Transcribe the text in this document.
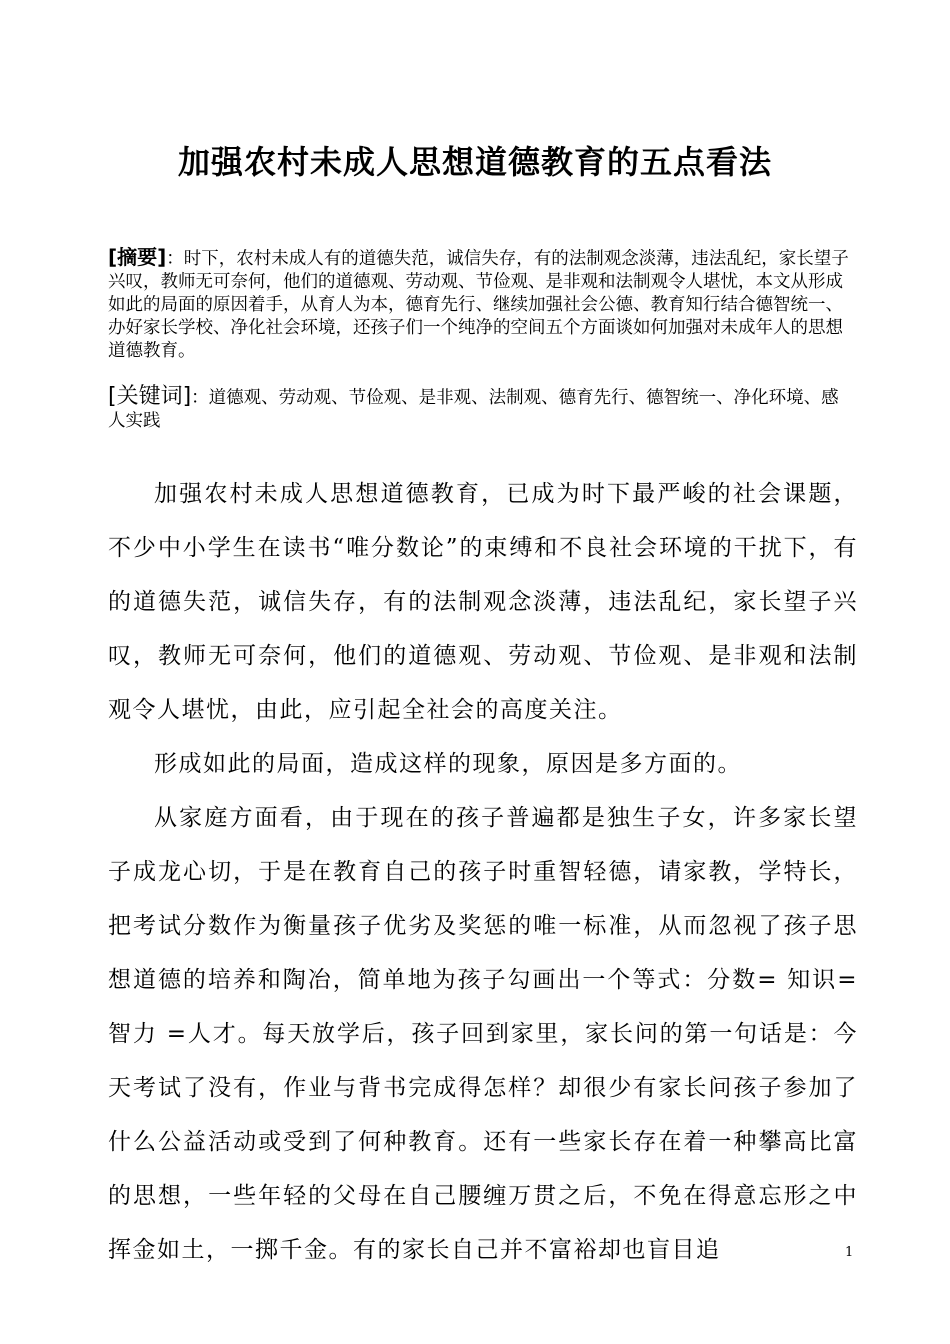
加强农村未成人思想道德教育的五点看法
[摘要]：时下，农村未成人有的道德失范，诚信失存，有的法制观念淡薄，违法乱纪，家长望子兴叹，教师无可奈何，他们的道德观、劳动观、节俭观、是非观和法制观令人堪忧，本文从形成如此的局面的原因着手，从育人为本，德育先行、继续加强社会公德、教育知行结合德智统一、办好家长学校、净化社会环境，还孩子们一个纯净的空间五个方面谈如何加强对未成年人的思想道德教育。
[关键词]：道德观、劳动观、节俭观、是非观、法制观、德育先行、德智统一、净化环境、感人实践

加强农村未成人思想道德教育，已成为时下最严峻的社会课题，不少中小学生在读书“唯分数论”的束缚和不良社会环境的干扰下，有的道德失范，诚信失存，有的法制观念淡薄，违法乱纪，家长望子兴叹，教师无可奈何，他们的道德观、劳动观、节俭观、是非观和法制观令人堪忧，由此，应引起全社会的高度关注。

形成如此的局面，造成这样的现象，原因是多方面的。

从家庭方面看，由于现在的孩子普遍都是独生子女，许多家长望子成龙心切，于是在教育自己的孩子时重智轻德，请家教，学特长，把考试分数作为衡量孩子优劣及奖惩的唯一标准，从而忽视了孩子思想道德的培养和陶冶，简单地为孩子勾画出一个等式：分数= 知识=智力 =人才。每天放学后，孩子回到家里，家长问的第一句话是：今天考试了没有，作业与背书完成得怎样？却很少有家长问孩子参加了什么公益活动或受到了何种教育。还有一些家长存在着一种攀高比富的思想，一些年轻的父母在自己腰缠万贯之后，不免在得意忘形之中挥金如土，一掷千金。有的家长自己并不富裕却也盲目追	1
